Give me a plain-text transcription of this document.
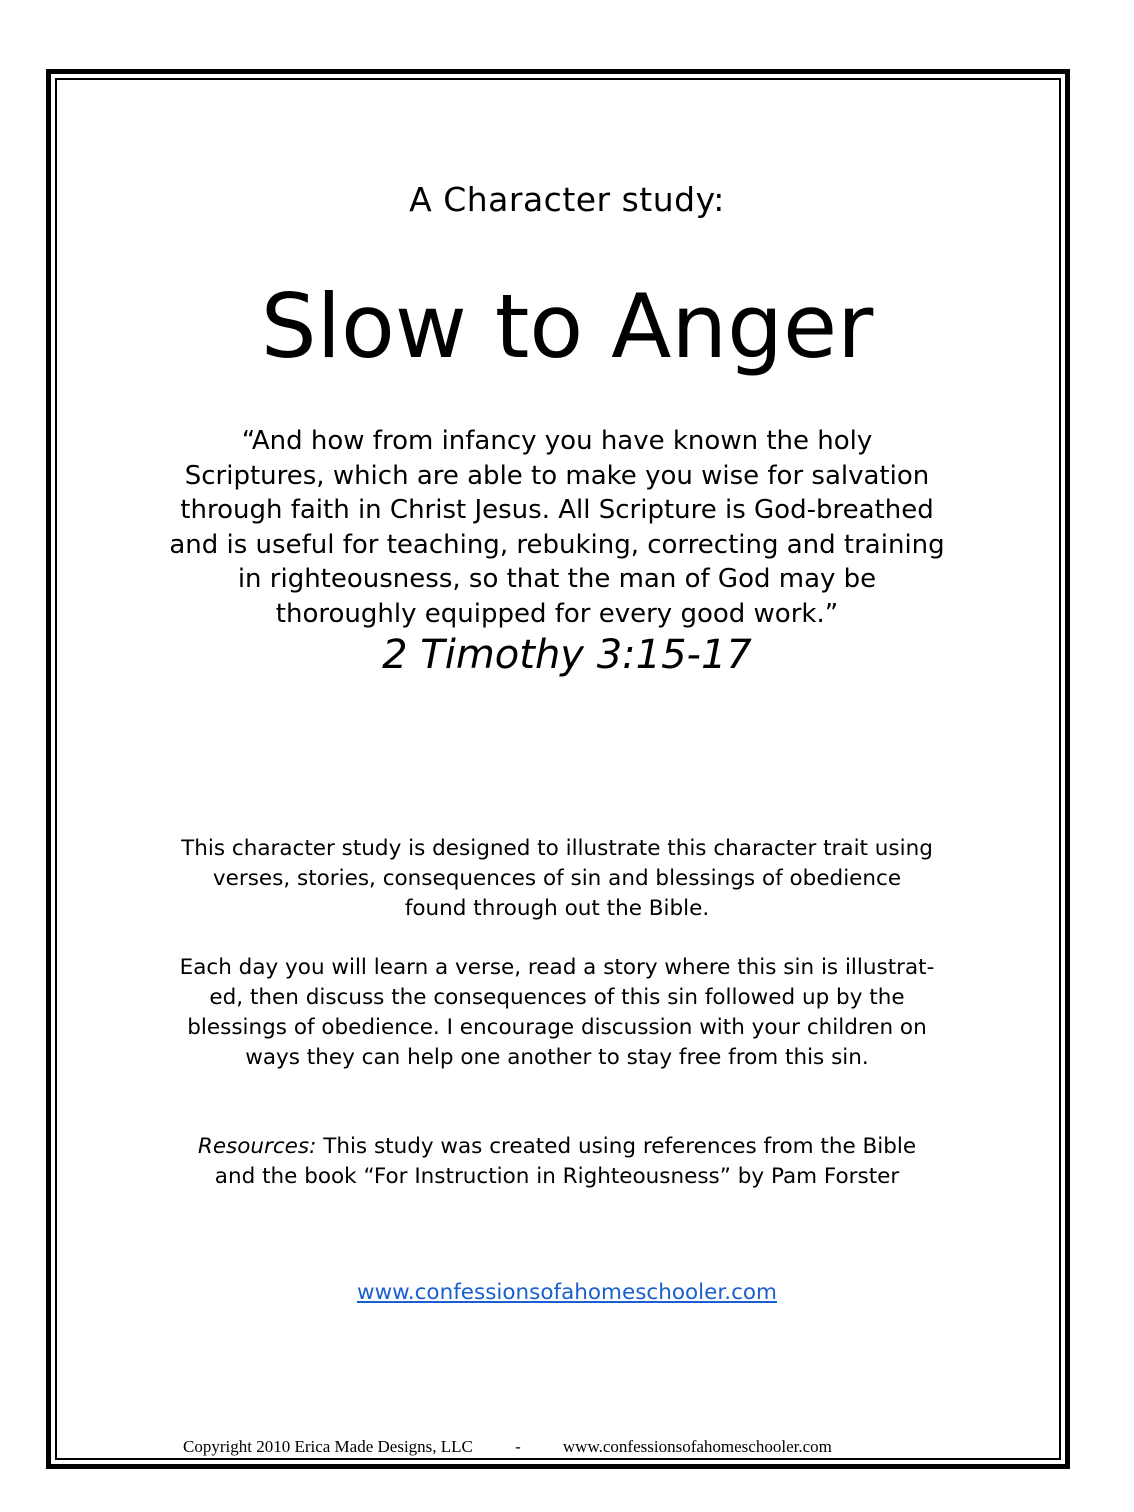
A Character study:
Slow to Anger
“And how from infancy you have known the holy
Scriptures, which are able to make you wise for salvation
through faith in Christ Jesus. All Scripture is God-breathed
and is useful for teaching, rebuking, correcting and training
in righteousness, so that the man of God may be
thoroughly equipped for every good work.”
2 Timothy 3:15-17
This character study is designed to illustrate this character trait using
verses, stories, consequences of sin and blessings of obedience
found through out the Bible.
Each day you will learn a verse, read a story where this sin is illustrat-
ed, then discuss the consequences of this sin followed up by the
blessings of obedience. I encourage discussion with your children on
ways they can help one another to stay free from this sin.
Resources: This study was created using references from the Bible
and the book “For Instruction in Righteousness” by Pam Forster
www.confessionsofahomeschooler.com
Copyright 2010 Erica Made Designs, LLC - www.confessionsofahomeschooler.com
